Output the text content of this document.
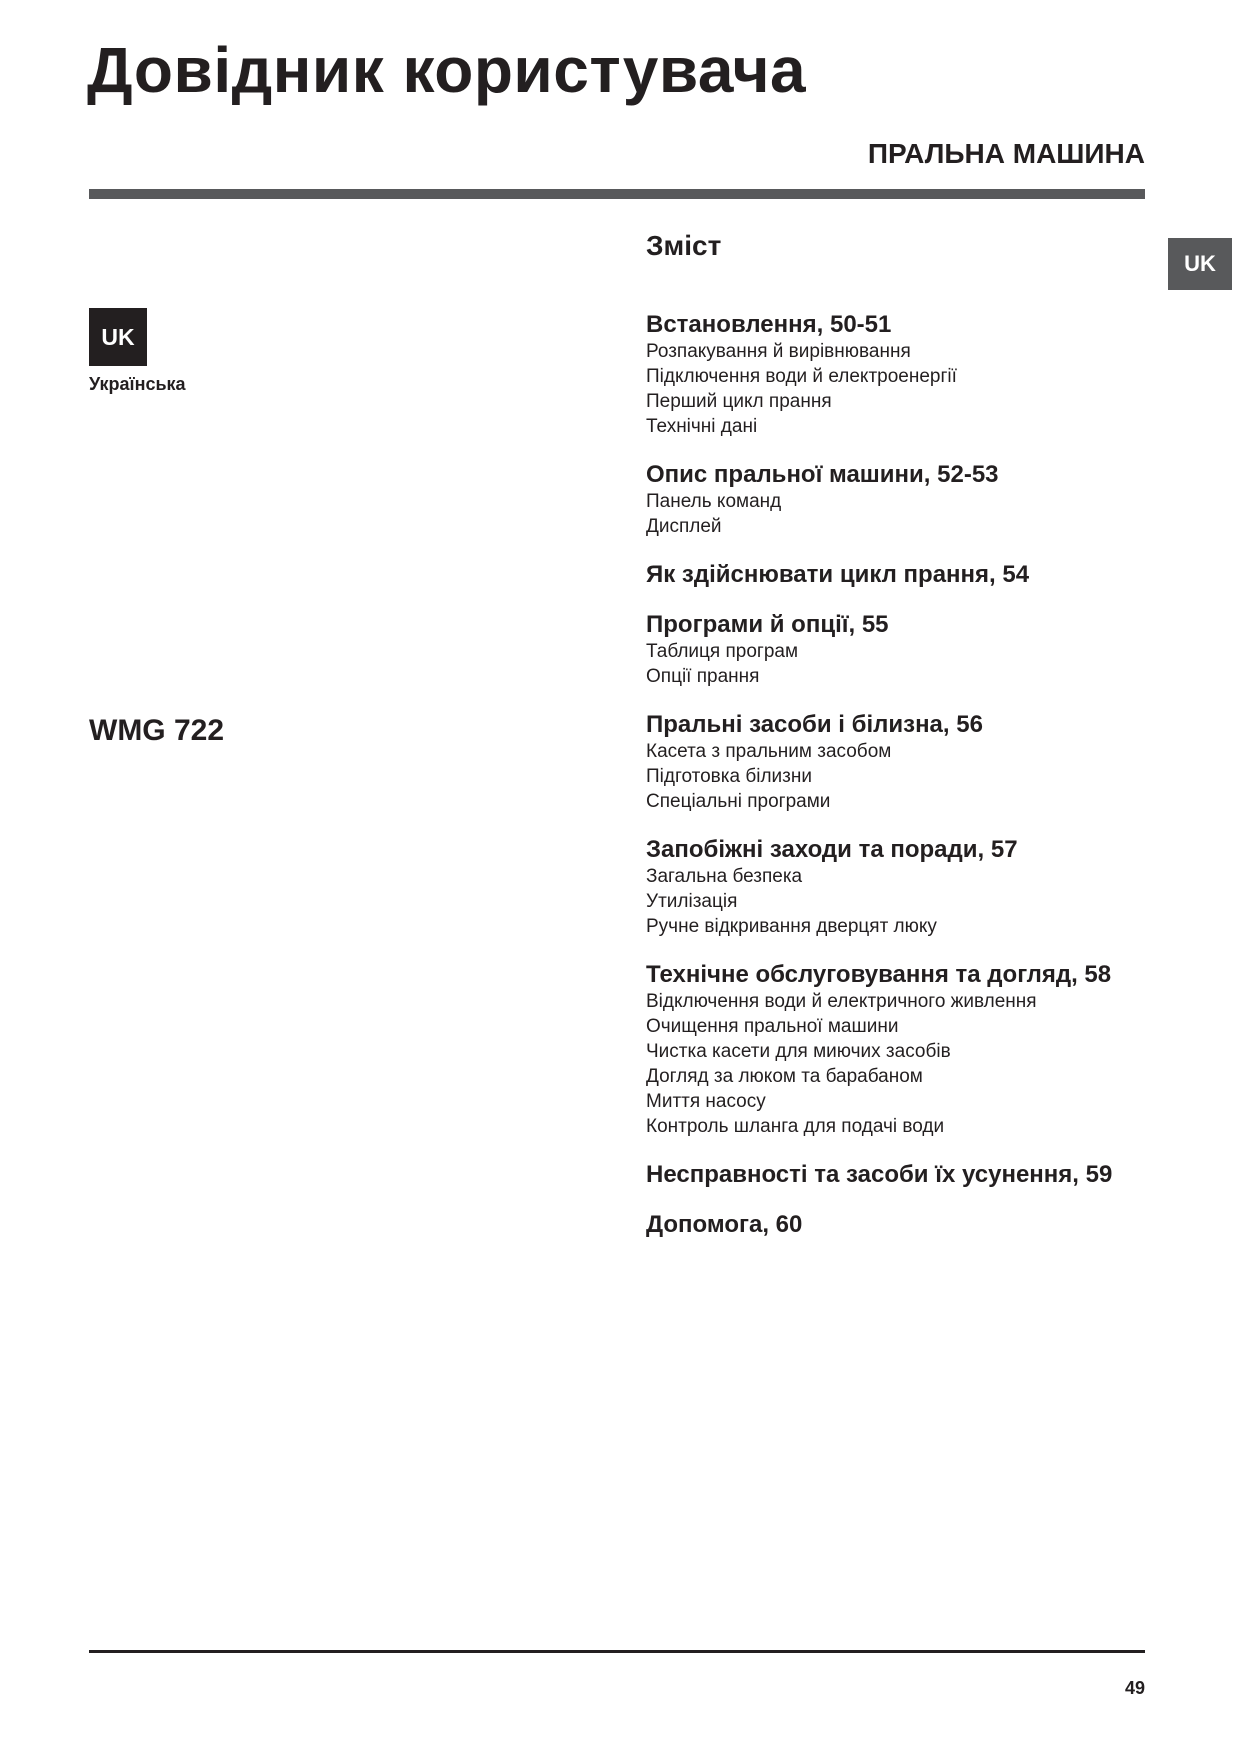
Довідник користувача
ПРАЛЬНА МАШИНА
UK
UK
Українська
WMG 722
Зміст
Встановлення, 50-51
Розпакування й вирівнювання
Підключення води й електроенергії
Перший цикл прання
Технічні дані
Опис пральної машини, 52-53
Панель команд
Дисплей
Як здійснювати цикл прання, 54
Програми й опції, 55
Таблиця програм
Опції прання
Пральні засоби і білизна, 56
Касета з пральним засобом
Підготовка білизни
Спеціальні програми
Запобіжні заходи та поради, 57
Загальна безпека
Утилізація
Ручне відкривання дверцят люку
Технічне обслуговування та догляд, 58
Відключення води й електричного живлення
Очищення пральної машини
Чистка касети для миючих засобів
Догляд за люком та барабаном
Миття насосу
Контроль шланга для подачі води
Несправності та засоби їх усунення, 59
Допомога, 60
49
